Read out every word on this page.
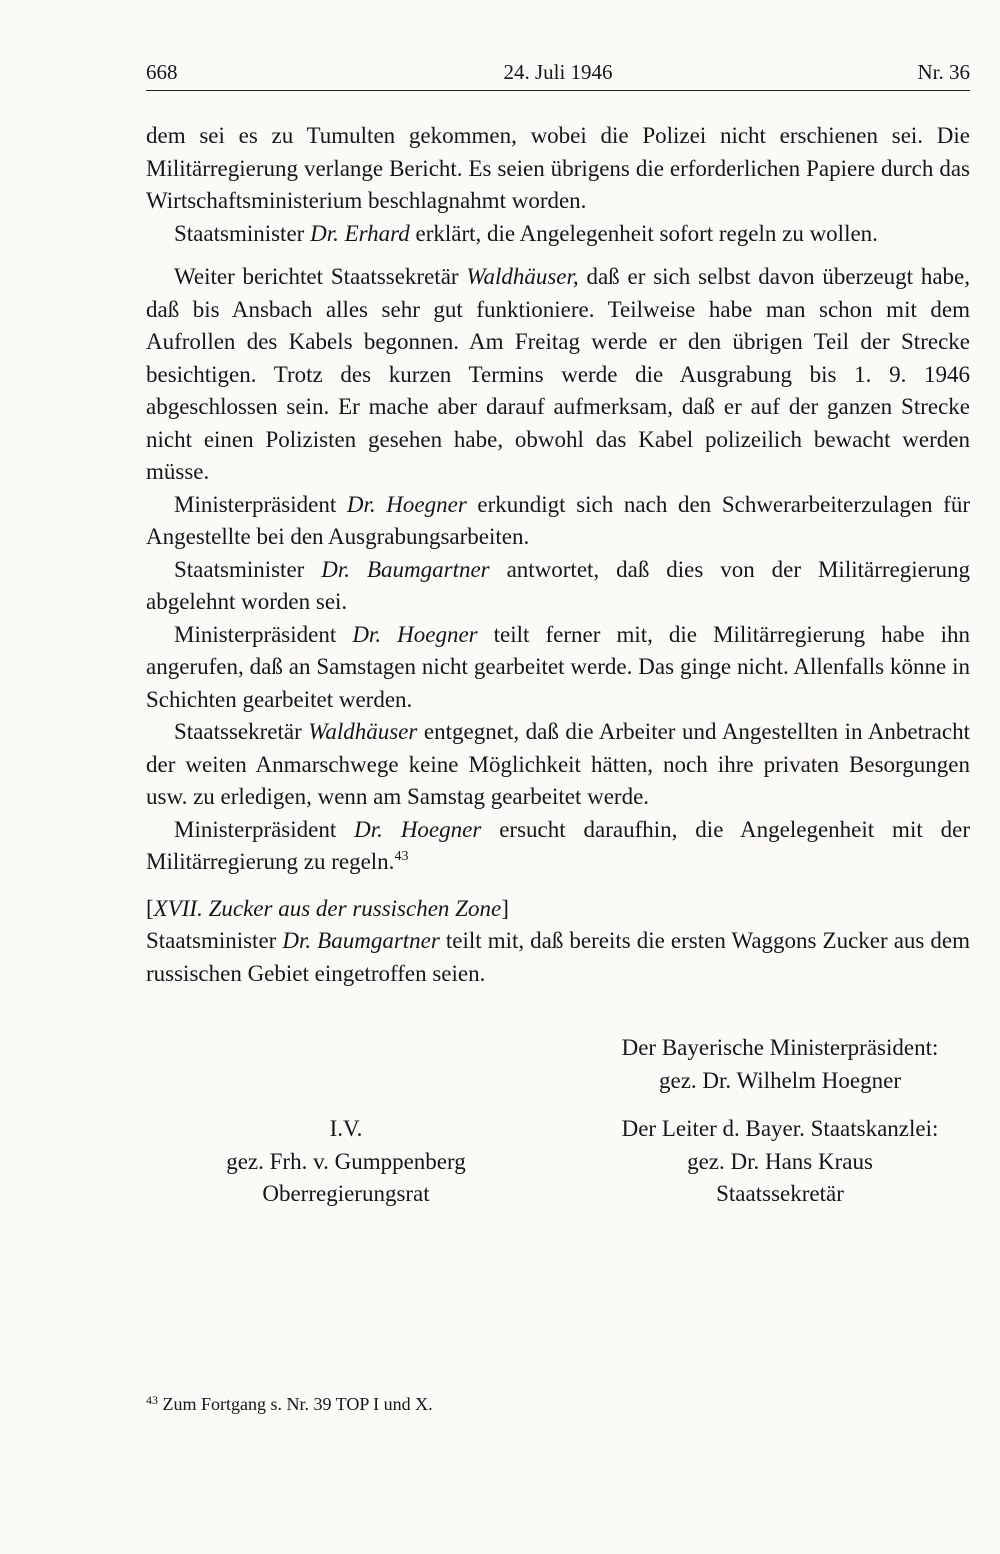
668	24. Juli 1946	Nr. 36

dem sei es zu Tumulten gekommen, wobei die Polizei nicht erschienen sei. Die Militärregierung verlange Bericht. Es seien übrigens die erforderlichen Papiere durch das Wirtschaftsministerium beschlagnahmt worden.

Staatsminister Dr. Erhard erklärt, die Angelegenheit sofort regeln zu wollen.

Weiter berichtet Staatssekretär Waldhäuser, daß er sich selbst davon überzeugt habe, daß bis Ansbach alles sehr gut funktioniere. Teilweise habe man schon mit dem Aufrollen des Kabels begonnen. Am Freitag werde er den übrigen Teil der Strecke besichtigen. Trotz des kurzen Termins werde die Ausgrabung bis 1. 9. 1946 abgeschlossen sein. Er mache aber darauf aufmerksam, daß er auf der ganzen Strecke nicht einen Polizisten gesehen habe, obwohl das Kabel polizeilich bewacht werden müsse.

Ministerpräsident Dr. Hoegner erkundigt sich nach den Schwerarbeiterzulagen für Angestellte bei den Ausgrabungsarbeiten.

Staatsminister Dr. Baumgartner antwortet, daß dies von der Militärregierung abgelehnt worden sei.

Ministerpräsident Dr. Hoegner teilt ferner mit, die Militärregierung habe ihn angerufen, daß an Samstagen nicht gearbeitet werde. Das ginge nicht. Allenfalls könne in Schichten gearbeitet werden.

Staatssekretär Waldhäuser entgegnet, daß die Arbeiter und Angestellten in Anbetracht der weiten Anmarschwege keine Möglichkeit hätten, noch ihre privaten Besorgungen usw. zu erledigen, wenn am Samstag gearbeitet werde.

Ministerpräsident Dr. Hoegner ersucht daraufhin, die Angelegenheit mit der Militärregierung zu regeln.$^{43}$

[XVII. Zucker aus der russischen Zone]

Staatsminister Dr. Baumgartner teilt mit, daß bereits die ersten Waggons Zucker aus dem russischen Gebiet eingetroffen seien.

Der Bayerische Ministerpräsident:
gez. Dr. Wilhelm Hoegner
Der Leiter d. Bayer. Staatskanzlei:
gez. Dr. Hans Kraus
Staatssekretär
I.V.
gez. Frh. v. Gumppenberg
Oberregierungsrat
$^{43}$ Zum Fortgang s. Nr. 39 TOP I und X.
